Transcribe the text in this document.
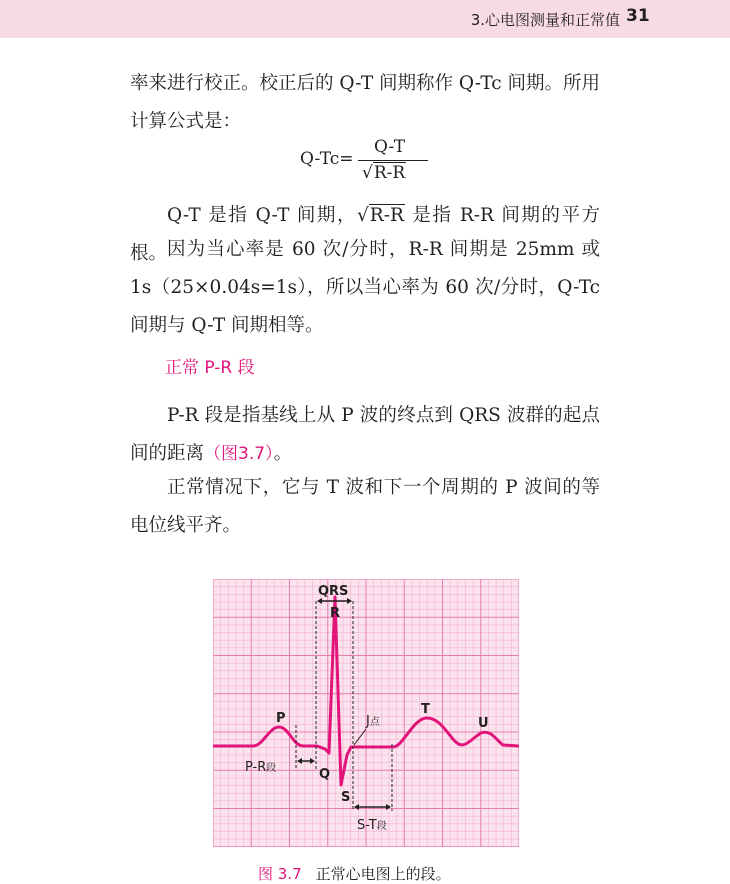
3.心电图测量和正常值 31

率来进行校正。校正后的 Q-T 间期称作 Q-Tc 间期。所用计算公式是：

Q-Tc=
Q-T
√R-R

Q-T 是指 Q-T 间期，√R-R 是指 R-R 间期的平方根。 因为当心率是 60 次/分时，R-R 间期是 25mm 或 1s（25×0.04s=1s），所以当心率为 60 次/分时，Q-Tc 间期与 Q-T 间期相等。

正常 P-R 段

P-R 段是指基线上从 P 波的终点到 QRS 波群的起点间的距离（图3.7）。

正常情况下，它与 T 波和下一个周期的 P 波间的等电位线平齐。

QRS
R
P
Q
S
T
U
J点
P-R段
S-T段
图 3.7 正常心电图上的段。
